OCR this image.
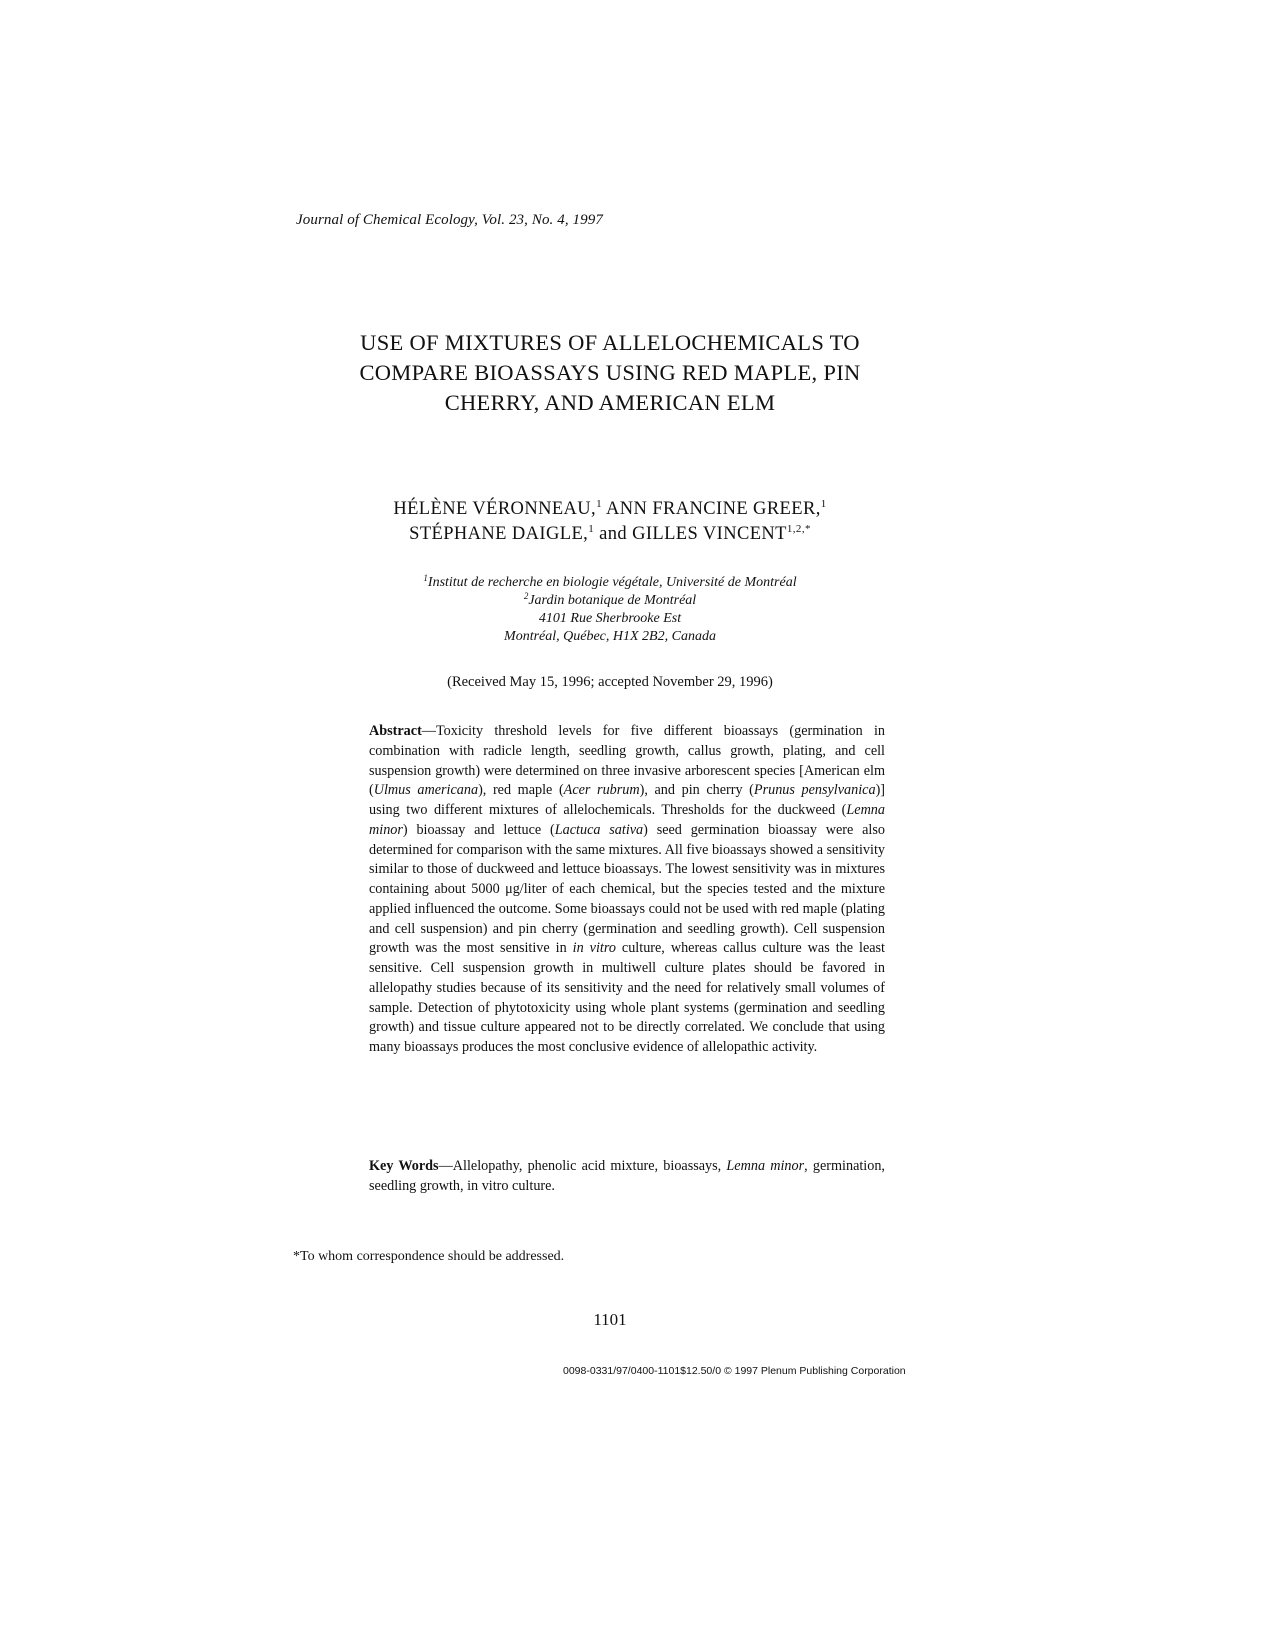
Journal of Chemical Ecology, Vol. 23, No. 4, 1997
USE OF MIXTURES OF ALLELOCHEMICALS TO
COMPARE BIOASSAYS USING RED MAPLE, PIN
CHERRY, AND AMERICAN ELM
HÉLÈNE VÉRONNEAU,$^1$ ANN FRANCINE GREER,$^1$
STÉPHANE DAIGLE,$^1$ and GILLES $VINCENT^{1,2,*}$
$^1$Institut de recherche en biologie végétale, Université de Montréal
$^2$Jardin botanique de Montréal
4101 Rue Sherbrooke Est
Montréal, Québec, H1X 2B2, Canada
(Received May 15, 1996; accepted November 29, 1996)
Abstract—Toxicity threshold levels for five different bioassays (germination in combination with radicle length, seedling growth, callus growth, plating, and cell suspension growth) were determined on three invasive arborescent species [American elm (Ulmus americana), red maple (Acer rubrum), and pin cherry (Prunus pensylvanica)] using two different mixtures of allelochemicals. Thresholds for the duckweed (Lemna minor) bioassay and lettuce (Lactuca sativa) seed germination bioassay were also determined for comparison with the same mixtures. All five bioassays showed a sensitivity similar to those of duckweed and lettuce bioassays. The lowest sensitivity was in mixtures containing about 5000 μg/liter of each chemical, but the species tested and the mixture applied influenced the outcome. Some bioassays could not be used with red maple (plating and cell suspension) and pin cherry (germination and seedling growth). Cell suspension growth was the most sensitive in in vitro culture, whereas callus culture was the least sensitive. Cell suspension growth in multiwell culture plates should be favored in allelopathy studies because of its sensitivity and the need for relatively small volumes of sample. Detection of phytotoxicity using whole plant systems (germination and seedling growth) and tissue culture appeared not to be directly correlated. We conclude that using many bioassays produces the most conclusive evidence of allelopathic activity.
Key Words—Allelopathy, phenolic acid mixture, bioassays, Lemna minor, germination, seedling growth, in vitro culture.
*To whom correspondence should be addressed.
1101
0098-0331/97/0400-1101$12.50/0 © 1997 Plenum Publishing Corporation
